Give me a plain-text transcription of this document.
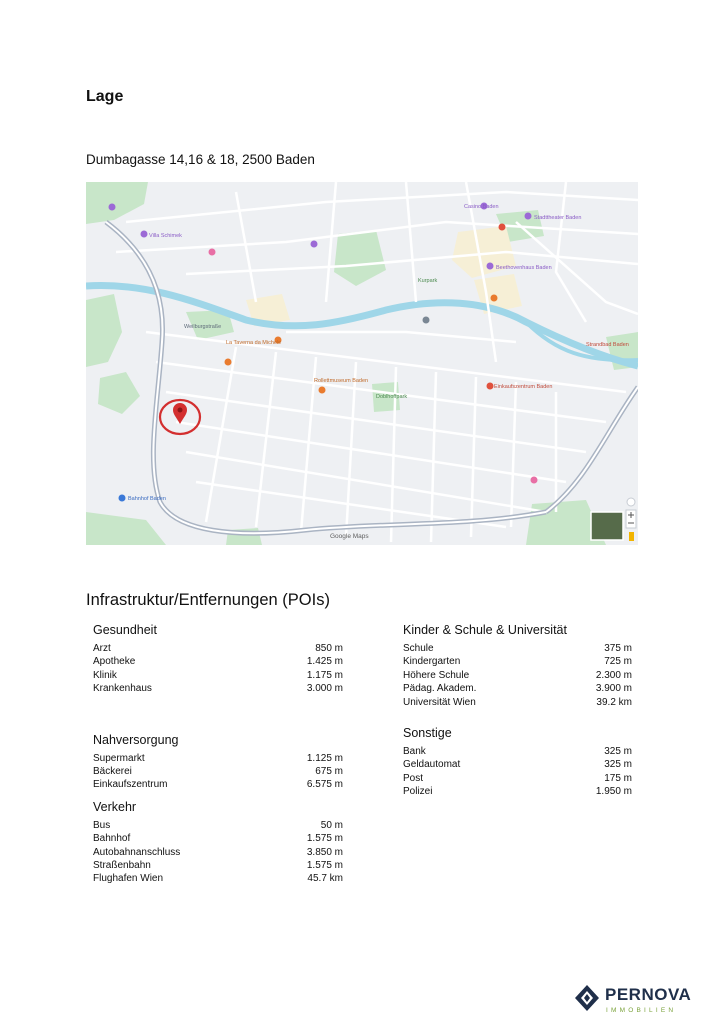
Lage
Dumbagasse 14,16 & 18, 2500 Baden
Villa Schimek
Casino Baden
Stadttheater Baden
Kurpark
Beethovenhaus Baden
Weilburgstraße
La Taverna da Michele
Rollettmuseum Baden
Doblhoffpark
Bahnhof Baden
Einkaufszentrum Baden
Strandbad Baden
Google Maps
Infrastruktur/Entfernungen (POIs)
Gesundheit
Arzt	850 m
Apotheke	1.425 m
Klinik	1.175 m
Krankenhaus	3.000 m
Nahversorgung
Supermarkt	1.125 m
Bäckerei	675 m
Einkaufszentrum	6.575 m
Verkehr
Bus	50 m
Bahnhof	1.575 m
Autobahnanschluss	3.850 m
Straßenbahn	1.575 m
Flughafen Wien	45.7 km
Kinder & Schule & Universität
Schule	375 m
Kindergarten	725 m
Höhere Schule	2.300 m
Pädag. Akadem.	3.900 m
Universität Wien	39.2 km
Sonstige
Bank	325 m
Geldautomat	325 m
Post	175 m
Polizei	1.950 m
PERNOVA
IMMOBILIEN
